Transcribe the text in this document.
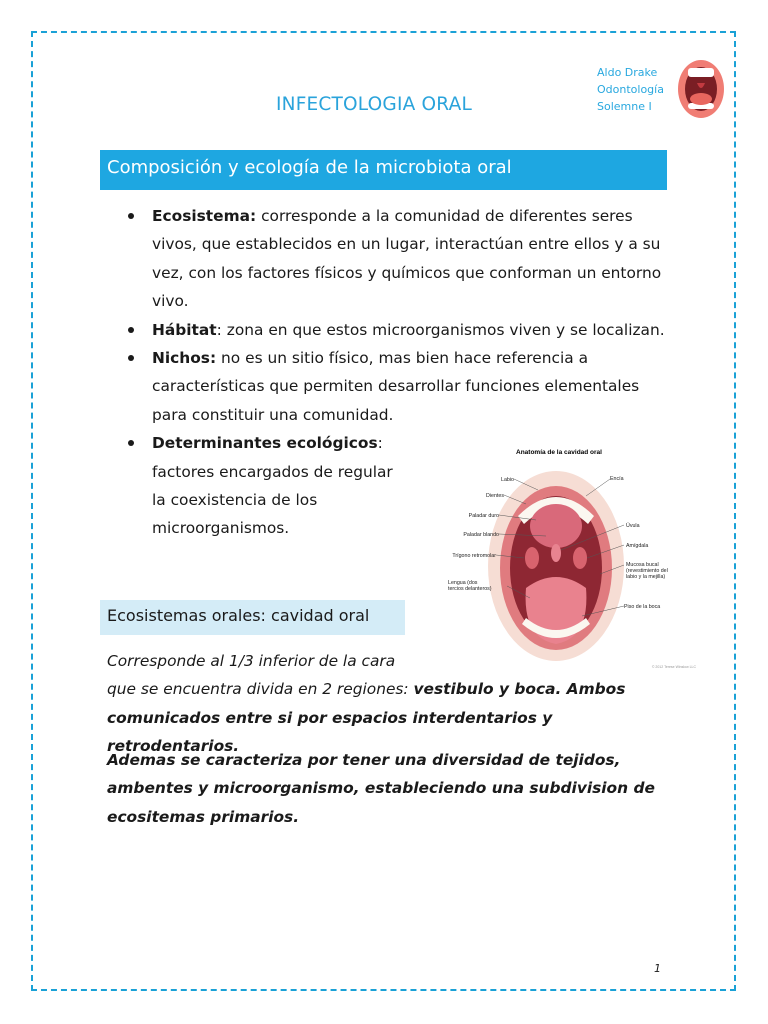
Aldo Drake
Odontología
Solemne I
INFECTOLOGIA ORAL
Composición y ecología de la microbiota oral
Ecosistema: corresponde a la comunidad de diferentes seres vivos, que establecidos en un lugar, interactúan entre ellos y a su vez, con los factores físicos y químicos que conforman un entorno vivo.
Hábitat: zona en que estos microorganismos viven y se localizan.
Nichos: no es un sitio físico, mas bien hace referencia a características que permiten desarrollar funciones elementales para constituir una comunidad.
Determinantes ecológicos: factores encargados de regular la coexistencia de los microorganismos.
Anatomía de la cavidad oral
Labio
Dientes
Paladar duro
Paladar blando
Trígono retromolar
Lengua (dos
tercios delanteros)
Encía
Úvula
Amígdala
Mucosa bucal
(revestimiento del
labio y la mejilla)
Piso de la boca
© 2012 Terese Winslow LLC
Ecosistemas orales: cavidad oral
Corresponde al 1/3 inferior de la cara
que se encuentra divida en 2 regiones: vestibulo y boca. Ambos comunicados entre si por espacios interdentarios y retrodentarios.
Ademas se caracteriza por tener una diversidad de tejidos, ambentes y microorganismo, estableciendo una subdivision de ecositemas primarios.
1
